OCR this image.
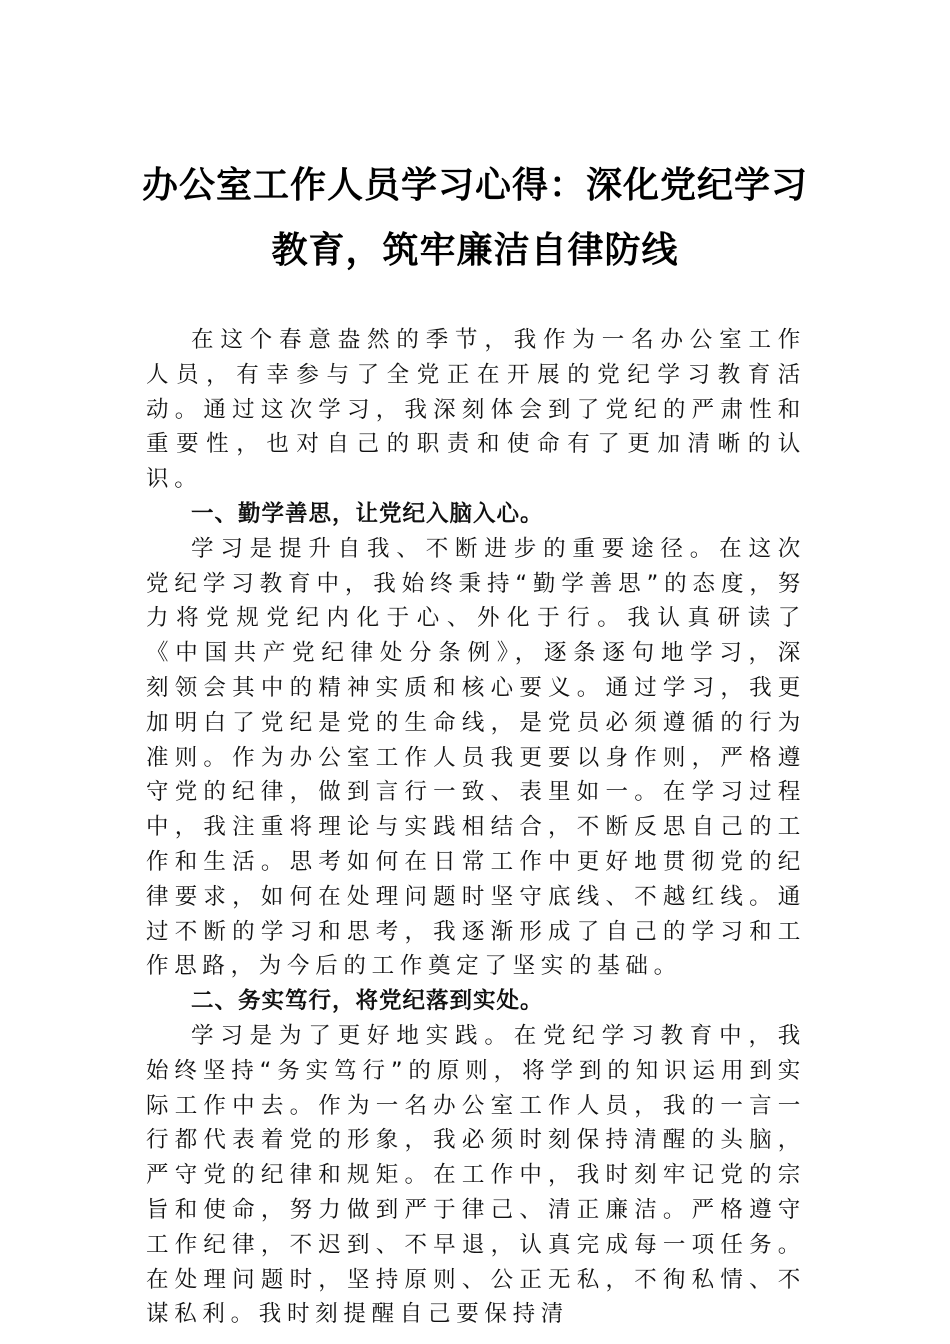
办公室工作人员学习心得：深化党纪学习
教育，筑牢廉洁自律防线

在这个春意盎然的季节，我作为一名办公室工作人员，有幸参与了全党正在开展的党纪学习教育活动。通过这次学习，我深刻体会到了党纪的严肃性和重要性，也对自己的职责和使命有了更加清晰的认识。

一、勤学善思，让党纪入脑入心。

学习是提升自我、不断进步的重要途径。在这次党纪学习教育中，我始终秉持“勤学善思”的态度，努力将党规党纪内化于心、外化于行。我认真研读了《中国共产党纪律处分条例》，逐条逐句地学习，深刻领会其中的精神实质和核心要义。通过学习，我更加明白了党纪是党的生命线，是党员必须遵循的行为准则。作为办公室工作人员我更要以身作则，严格遵守党的纪律，做到言行一致、表里如一。在学习过程中，我注重将理论与实践相结合，不断反思自己的工作和生活。思考如何在日常工作中更好地贯彻党的纪律要求，如何在处理问题时坚守底线、不越红线。通过不断的学习和思考，我逐渐形成了自己的学习和工作思路，为今后的工作奠定了坚实的基础。

二、务实笃行，将党纪落到实处。

学习是为了更好地实践。在党纪学习教育中，我始终坚持“务实笃行”的原则，将学到的知识运用到实际工作中去。作为一名办公室工作人员，我的一言一行都代表着党的形象，我必须时刻保持清醒的头脑，严守党的纪律和规矩。在工作中，我时刻牢记党的宗旨和使命，努力做到严于律己、清正廉洁。严格遵守工作纪律，不迟到、不早退，认真完成每一项任务。在处理问题时，坚持原则、公正无私，不徇私情、不谋私利。我时刻提醒自己要保持清
